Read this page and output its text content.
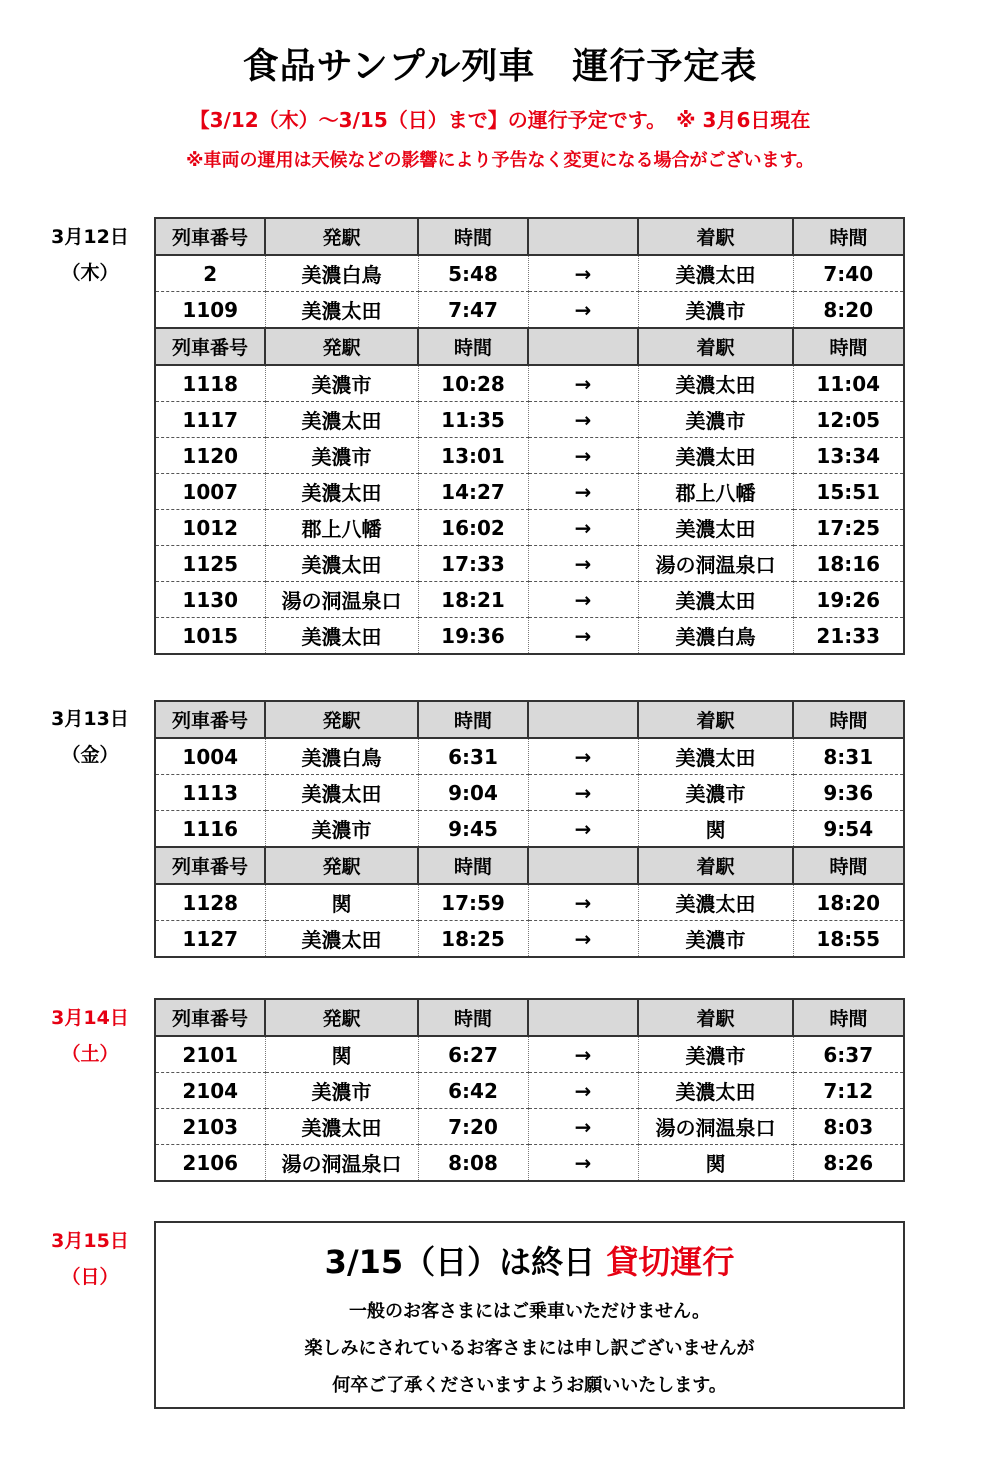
食品サンプル列車　運行予定表
【3/12（木）～3/15（日）まで】の運行予定です。　※ 3月6日現在
※車両の運用は天候などの影響により予告なく変更になる場合がございます。
3月12日
（木）
列車番号	発駅	時間		着駅	時間
2	美濃白鳥	5:48	→	美濃太田	7:40
1109	美濃太田	7:47	→	美濃市	8:20
列車番号	発駅	時間		着駅	時間
1118	美濃市	10:28	→	美濃太田	11:04
1117	美濃太田	11:35	→	美濃市	12:05
1120	美濃市	13:01	→	美濃太田	13:34
1007	美濃太田	14:27	→	郡上八幡	15:51
1012	郡上八幡	16:02	→	美濃太田	17:25
1125	美濃太田	17:33	→	湯の洞温泉口	18:16
1130	湯の洞温泉口	18:21	→	美濃太田	19:26
1015	美濃太田	19:36	→	美濃白鳥	21:33
3月13日
（金）
列車番号	発駅	時間		着駅	時間
1004	美濃白鳥	6:31	→	美濃太田	8:31
1113	美濃太田	9:04	→	美濃市	9:36
1116	美濃市	9:45	→	関	9:54
列車番号	発駅	時間		着駅	時間
1128	関	17:59	→	美濃太田	18:20
1127	美濃太田	18:25	→	美濃市	18:55
3月14日
（土）
列車番号	発駅	時間		着駅	時間
2101	関	6:27	→	美濃市	6:37
2104	美濃市	6:42	→	美濃太田	7:12
2103	美濃太田	7:20	→	湯の洞温泉口	8:03
2106	湯の洞温泉口	8:08	→	関	8:26
3月15日
（日）	3/15（日）は終日 貸切運行
一般のお客さまにはご乗車いただけません。
楽しみにされているお客さまには申し訳ございませんが
何卒ご了承くださいますようお願いいたします。
